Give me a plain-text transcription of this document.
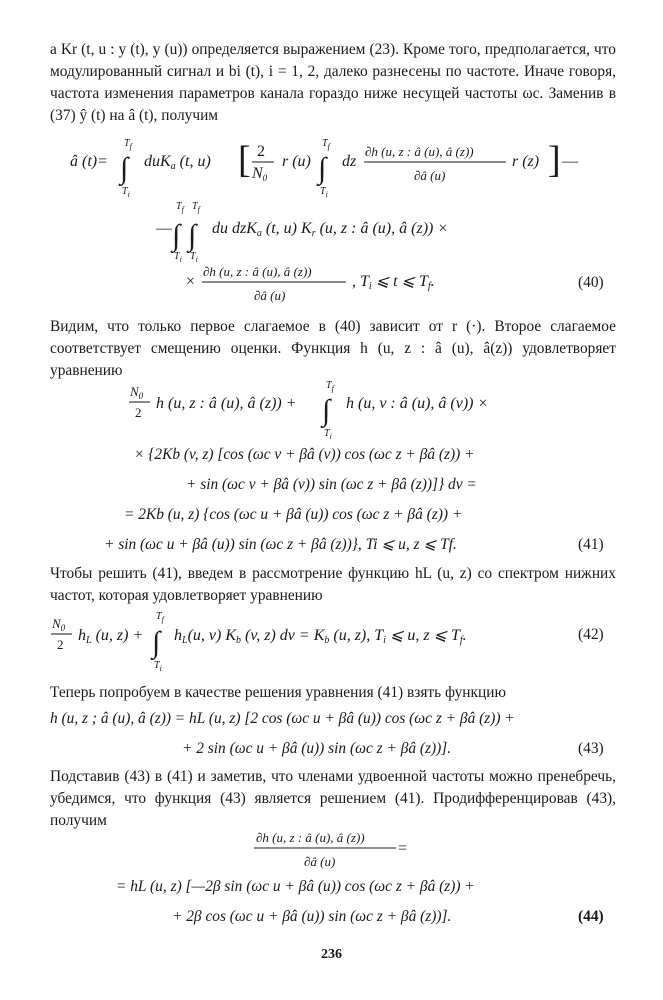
а Kr (t, u : y (t), y (u)) определяется выражением (23). Кроме того, предполагается, что модулированный сигнал и bi (t), i = 1, 2, далеко разнесены по частоте. Иначе говоря, частота изменения параметров канала гораздо ниже несущей частоты ωc. Заменив в (37) ŷ (t) на â (t), получим
â (t)= ∫
$T_f$
$T_i$
duKa (t, u) [ 2
N0
r (u) ∫
$T_f$
$T_i$
dz
∂h (u, z : â (u), â (z))
∂â (u)
r (z) ] —
— ∫ ∫
$T_f$ $T_f$
$T_i$ $T_i$
du dzKa (t, u) Kr (u, z : â (u), â (z)) ×
×
∂h (u, z : â (u), â (z))
∂â (u)
, Ti ⩽ t ⩽ Tf.	(40)
Видим, что только первое слагаемое в (40) зависит от r (·). Второе слагаемое соответствует смещению оценки. Функция h (u, z : â (u), â(z)) удовлетворяет уравнению
$N_0$
2
h (u, z : â (u), â (z)) + ∫
$T_f$
$T_i$
h (u, v : â (u), â (v)) ×
× {2Kb (v, z) [cos (ωc v + βâ (v)) cos (ωc z + βâ (z)) +
+ sin (ωc v + βâ (v)) sin (ωc z + βâ (z))]} dv =
= 2Kb (u, z) {cos (ωc u + βâ (u)) cos (ωc z + βâ (z)) +
+ sin (ωc u + βâ (u)) sin (ωc z + βâ (z))}, Ti ⩽ u, z ⩽ Tf.	(41)
Чтобы решить (41), введем в рассмотрение функцию hL (u, z) со спектром нижних частот, которая удовлетворяет уравнению
$N_0$
2
hL (u, z) + ∫
$T_f$
$T_i$
hL(u, v) Kb (v, z) dv = Kb (u, z), Ti ⩽ u, z ⩽ Tf.	(42)
Теперь попробуем в качестве решения уравнения (41) взять функцию
h (u, z ; â (u), â (z)) = hL (u, z) [2 cos (ωc u + βâ (u)) cos (ωc z + βâ (z)) +
+ 2 sin (ωc u + βâ (u)) sin (ωc z + βâ (z))].	(43)
Подставив (43) в (41) и заметив, что членами удвоенной частоты можно пренебречь, убедимся, что функция (43) является решением (41). Продифференцировав (43), получим
∂h (u, z : â (u), â (z))
∂â (u)
=
= hL (u, z) [—2β sin (ωc u + βâ (u)) cos (ωc z + βâ (z)) +
+ 2β cos (ωc u + βâ (u)) sin (ωc z + βâ (z))].	(44)
236
